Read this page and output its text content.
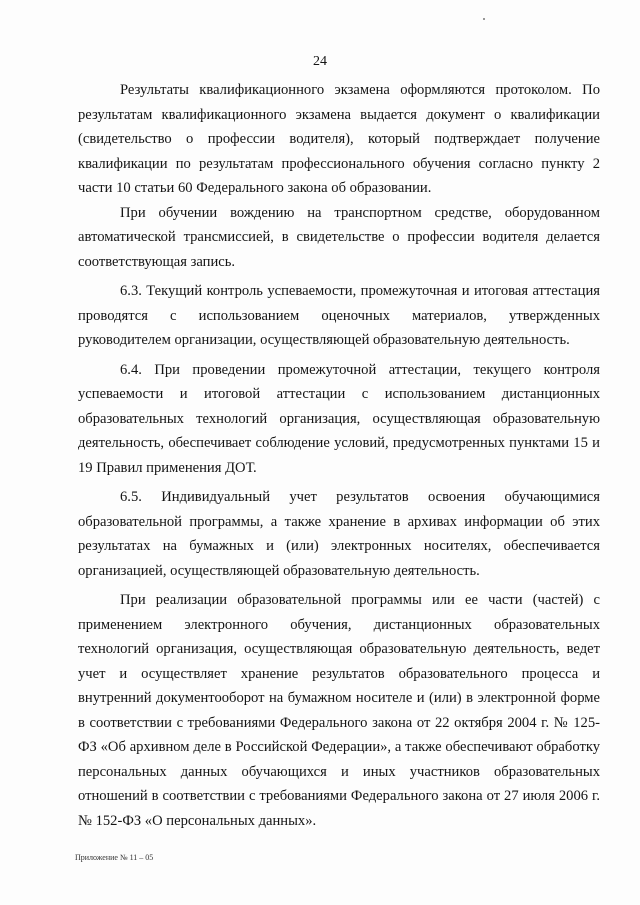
24

Результаты квалификационного экзамена оформляются протоколом. По результатам квалификационного экзамена выдается документ о квалификации (свидетельство о профессии водителя), который подтверждает получение квалификации по результатам профессионального обучения согласно пункту 2 части 10 статьи 60 Федерального закона об образовании.

При обучении вождению на транспортном средстве, оборудованном автоматической трансмиссией, в свидетельстве о профессии водителя делается соответствующая запись.

6.3. Текущий контроль успеваемости, промежуточная и итоговая аттестация проводятся с использованием оценочных материалов, утвержденных руководителем организации, осуществляющей образовательную деятельность.

6.4. При проведении промежуточной аттестации, текущего контроля успеваемости и итоговой аттестации с использованием дистанционных образовательных технологий организация, осуществляющая образовательную деятельность, обеспечивает соблюдение условий, предусмотренных пунктами 15 и 19 Правил применения ДОТ.

6.5. Индивидуальный учет результатов освоения обучающимися образовательной программы, а также хранение в архивах информации об этих результатах на бумажных и (или) электронных носителях, обеспечивается организацией, осуществляющей образовательную деятельность.

При реализации образовательной программы или ее части (частей) с применением электронного обучения, дистанционных образовательных технологий организация, осуществляющая образовательную деятельность, ведет учет и осуществляет хранение результатов образовательного процесса и внутренний документооборот на бумажном носителе и (или) в электронной форме в соответствии с требованиями Федерального закона от 22 октября 2004 г. № 125-ФЗ «Об архивном деле в Российской Федерации», а также обеспечивают обработку персональных данных обучающихся и иных участников образовательных отношений в соответствии с требованиями Федерального закона от 27 июля 2006 г. № 152-ФЗ «О персональных данных».

Приложение № 11 – 05
